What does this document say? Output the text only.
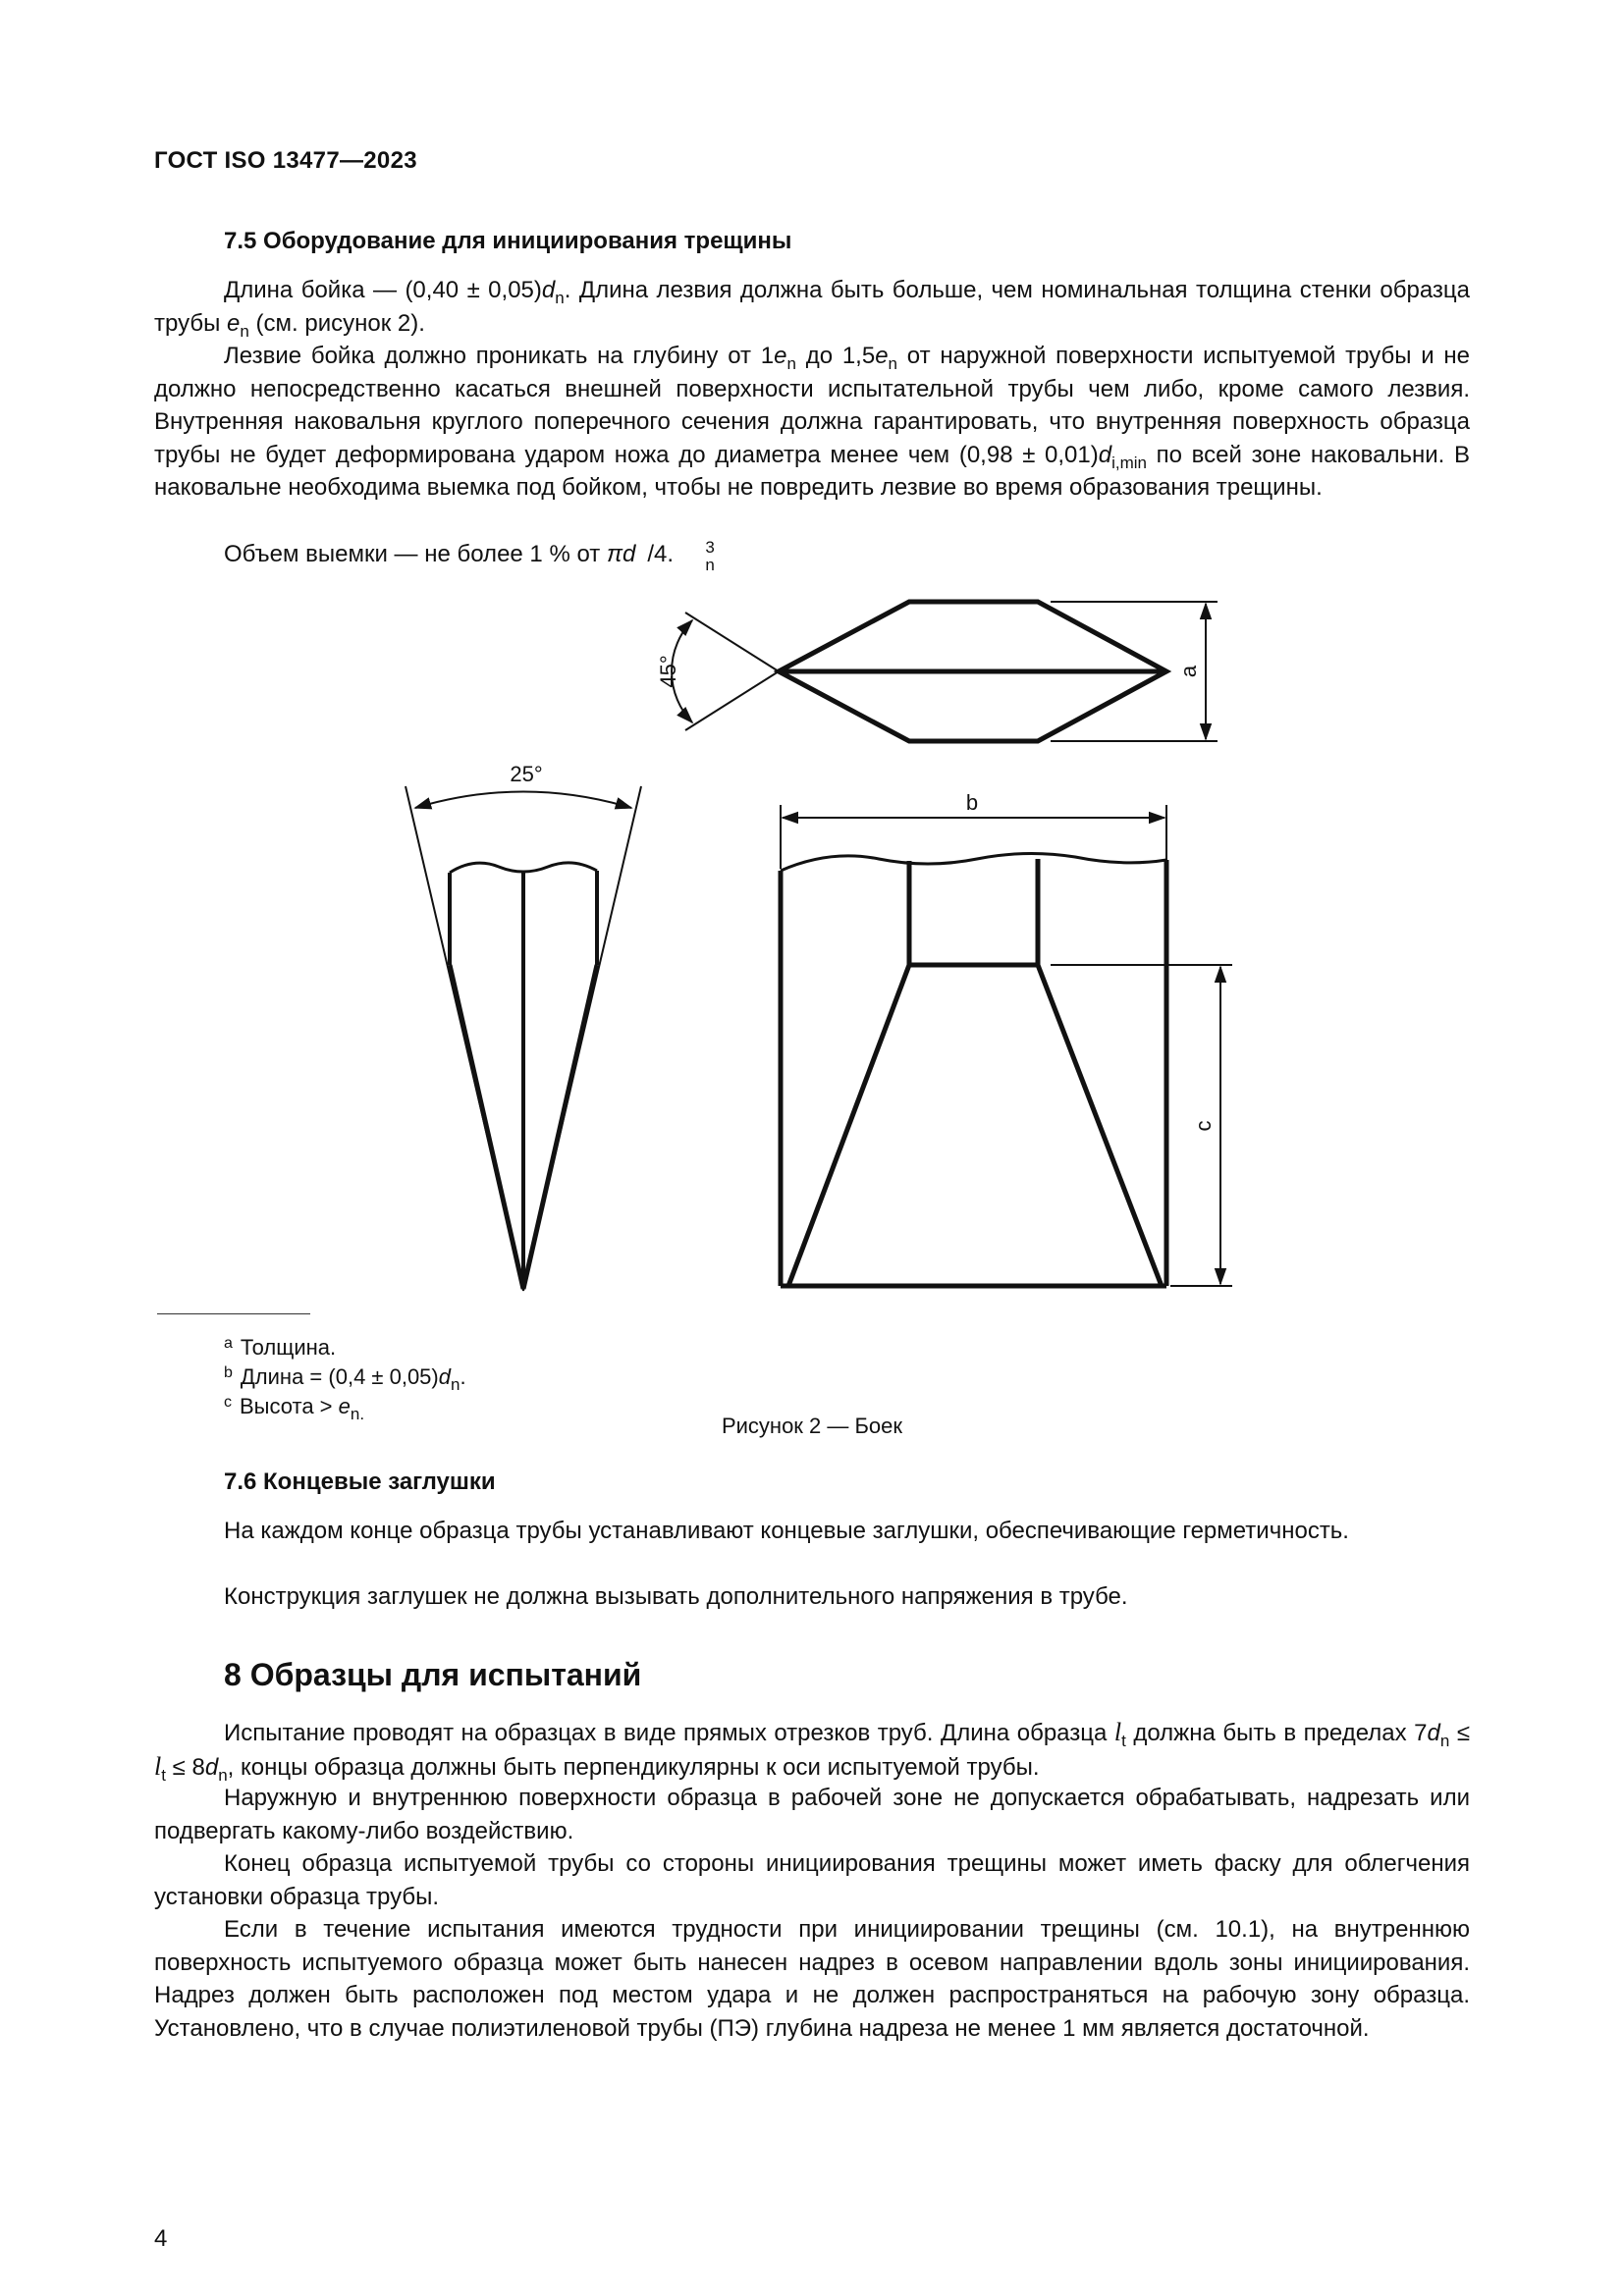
ГОСТ ISO 13477—2023
7.5 Оборудование для инициирования трещины
Длина бойка — $(0,40 \pm 0,05)d_n$. Длина лезвия должна быть больше, чем номинальная толщина стенки образца трубы $e_n$ (см. рисунок 2).
Лезвие бойка должно проникать на глубину от $1e_n$ до $1,5e_n$ от наружной поверхности испытуемой трубы и не должно непосредственно касаться внешней поверхности испытательной трубы чем либо, кроме самого лезвия. Внутренняя наковальня круглого поперечного сечения должна гарантировать, что внутренняя поверхность образца трубы не будет деформирована ударом ножа до диаметра менее чем $(0,98 \pm 0,01)d_{i,min}$ по всей зоне наковальни. В наковальне необходима выемка под бойком, чтобы не повредить лезвие во время образования трещины.
Объем выемки — не более 1 % от πd	3
n
/4.
45°	a
25°
b
c
$^a$ Толщина.
$^b$ Длина = $(0,4 \pm 0,05)d_n$.
$^c$ Высота > $e_{n.}$	Рисунок 2 — Боек
7.6 Концевые заглушки
На каждом конце образца трубы устанавливают концевые заглушки, обеспечивающие герметичность.
Конструкция заглушек не должна вызывать дополнительного напряжения в трубе.
8 Образцы для испытаний
Испытание проводят на образцах в виде прямых отрезков труб. Длина образца $l_t$ должна быть в пределах $7d_n \le l_t \le 8d_n$, концы образца должны быть перпендикулярны к оси испытуемой трубы.
Наружную и внутреннюю поверхности образца в рабочей зоне не допускается обрабатывать, надрезать или подвергать какому-либо воздействию.
Конец образца испытуемой трубы со стороны инициирования трещины может иметь фаску для облегчения установки образца трубы.
Если в течение испытания имеются трудности при инициировании трещины (см. 10.1), на внутреннюю поверхность испытуемого образца может быть нанесен надрез в осевом направлении вдоль зоны инициирования. Надрез должен быть расположен под местом удара и не должен распространяться на рабочую зону образца. Установлено, что в случае полиэтиленовой трубы (ПЭ) глубина надреза не менее 1 мм является достаточной.
4
